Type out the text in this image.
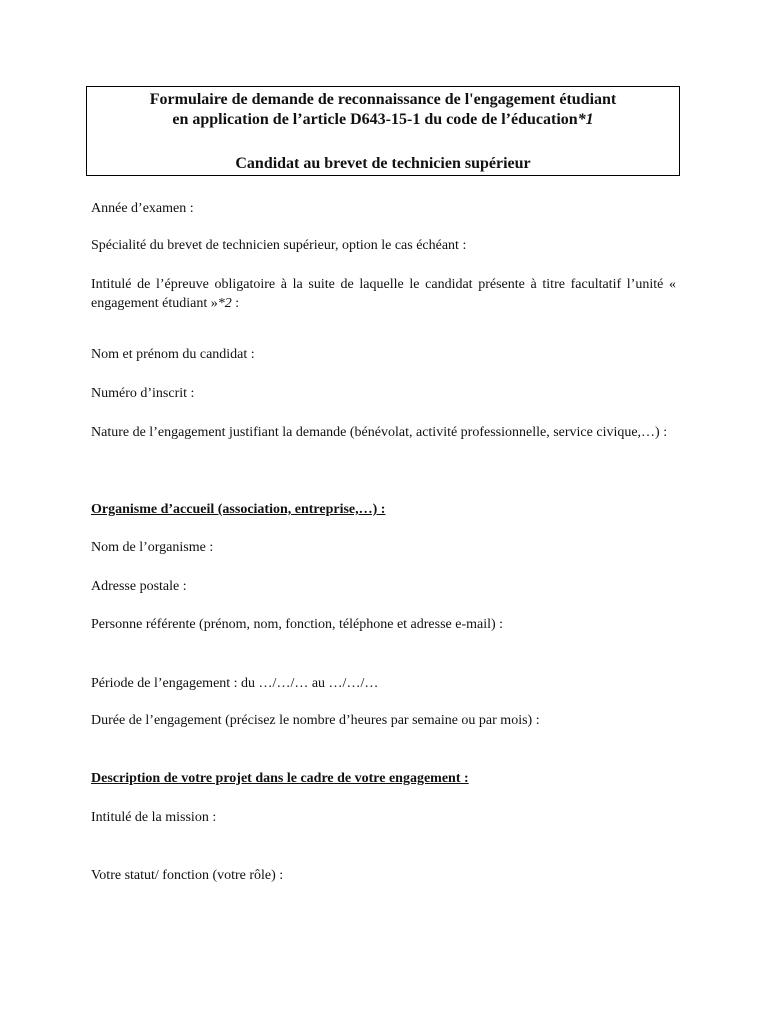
Formulaire de demande de reconnaissance de l'engagement étudiant
en application de l’article D643-15-1 du code de l’éducation*1
Candidat au brevet de technicien supérieur
Année d’examen :
Spécialité du brevet de technicien supérieur, option le cas échéant :
Intitulé de l’épreuve obligatoire à la suite de laquelle le candidat présente à titre facultatif l’unité « engagement étudiant »*2 :
Nom et prénom du candidat :
Numéro d’inscrit :
Nature de l’engagement justifiant la demande (bénévolat, activité professionnelle, service civique,…) :
Organisme d’accueil (association, entreprise,…) :
Nom de l’organisme :
Adresse postale :
Personne référente (prénom, nom, fonction, téléphone et adresse e-mail) :
Période de l’engagement : du …/…/… au …/…/…
Durée de l’engagement (précisez le nombre d’heures par semaine ou par mois) :
Description de votre projet dans le cadre de votre engagement :
Intitulé de la mission :
Votre statut/ fonction (votre rôle) :
